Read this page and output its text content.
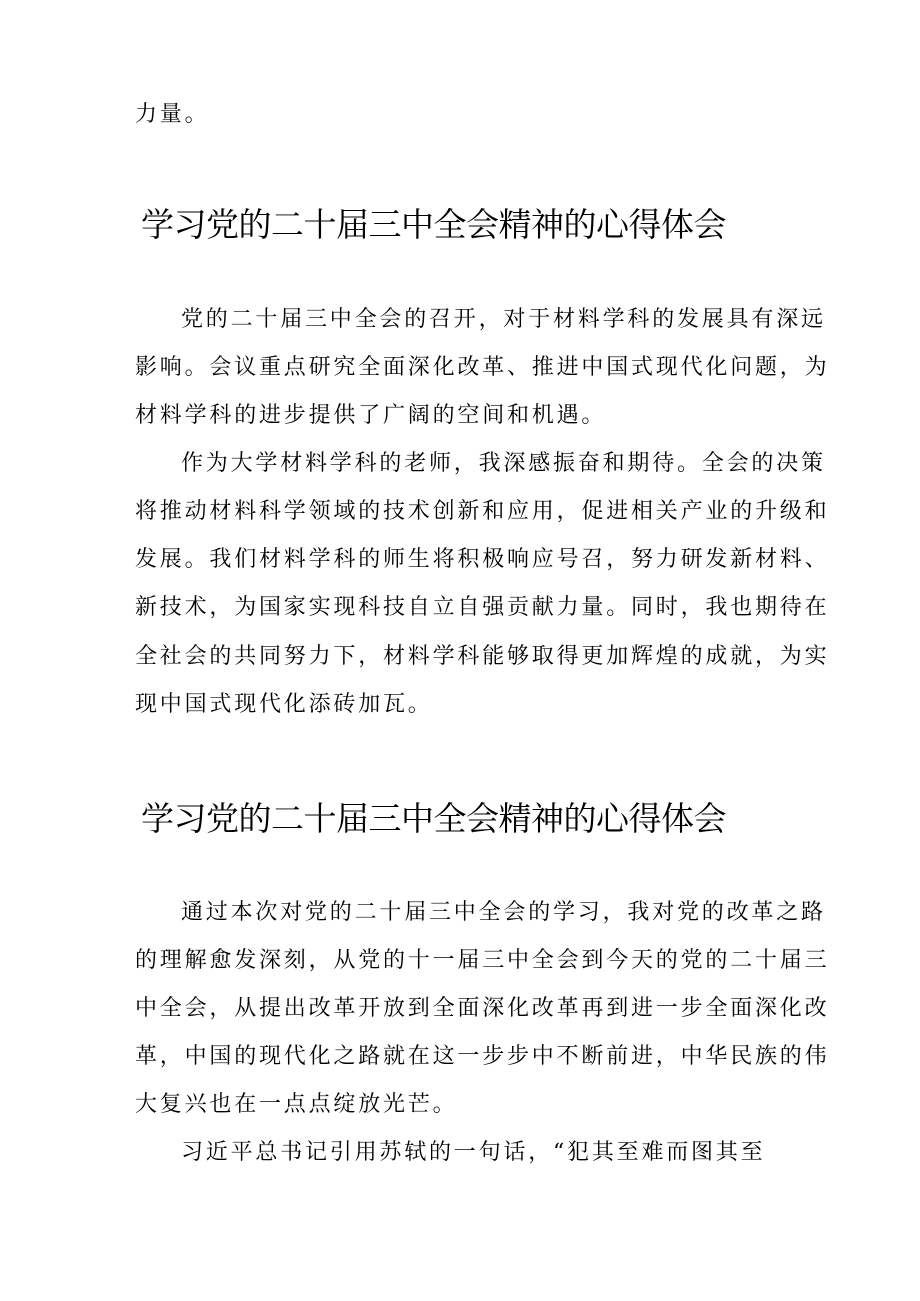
力量。
学习党的二十届三中全会精神的心得体会
党的二十届三中全会的召开，对于材料学科的发展具有深远
影响。会议重点研究全面深化改革、推进中国式现代化问题，为
材料学科的进步提供了广阔的空间和机遇。
作为大学材料学科的老师，我深感振奋和期待。全会的决策
将推动材料科学领域的技术创新和应用，促进相关产业的升级和
发展。我们材料学科的师生将积极响应号召，努力研发新材料、
新技术，为国家实现科技自立自强贡献力量。同时，我也期待在
全社会的共同努力下，材料学科能够取得更加辉煌的成就，为实
现中国式现代化添砖加瓦。
学习党的二十届三中全会精神的心得体会
通过本次对党的二十届三中全会的学习，我对党的改革之路
的理解愈发深刻，从党的十一届三中全会到今天的党的二十届三
中全会，从提出改革开放到全面深化改革再到进一步全面深化改
革，中国的现代化之路就在这一步步中不断前进，中华民族的伟
大复兴也在一点点绽放光芒。
习近平总书记引用苏轼的一句话，“犯其至难而图其至
